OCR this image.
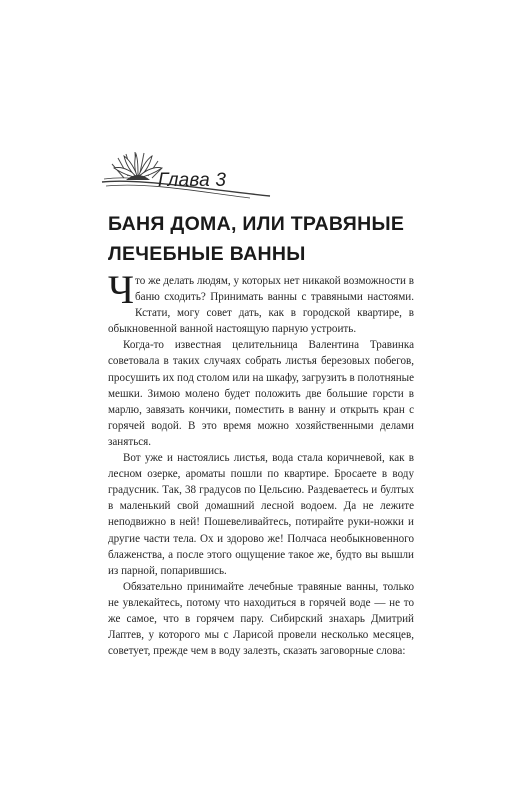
Глава 3
БАНЯ ДОМА, ИЛИ ТРАВЯНЫЕ
ЛЕЧЕБНЫЕ ВАННЫ

Что же делать людям, у которых нет никакой возможности в баню сходить? Принимать ванны с травяными настоями. Кстати, могу совет дать, как в городской квартире, в обыкновенной ванной настоящую парную устроить.

Когда-то известная целительница Валентина Травинка советовала в таких случаях собрать листья березовых побегов, просушить их под столом или на шкафу, загрузить в полотняные мешки. Зимою молено будет положить две большие горсти в марлю, завязать кончики, поместить в ванну и открыть кран с горячей водой. В это время можно хозяйственными делами заняться.

Вот уже и настоялись листья, вода стала коричневой, как в лесном озерке, ароматы пошли по квартире. Бросаете в воду градусник. Так, 38 градусов по Цельсию. Раздеваетесь и бултых в маленький свой домашний лесной водоем. Да не лежите неподвижно в ней! Пошевеливайтесь, потирайте руки-ножки и другие части тела. Ох и здорово же! Полчаса необыкновенного блаженства, а после этого ощущение такое же, будто вы вышли из парной, попарившись.

Обязательно принимайте лечебные травяные ванны, только не увлекайтесь, потому что находиться в горячей воде — не то же самое, что в горячем пару. Сибирский знахарь Дмитрий Лаптев, у которого мы с Ларисой провели несколько месяцев, советует, прежде чем в воду залезть, сказать заговорные слова:
